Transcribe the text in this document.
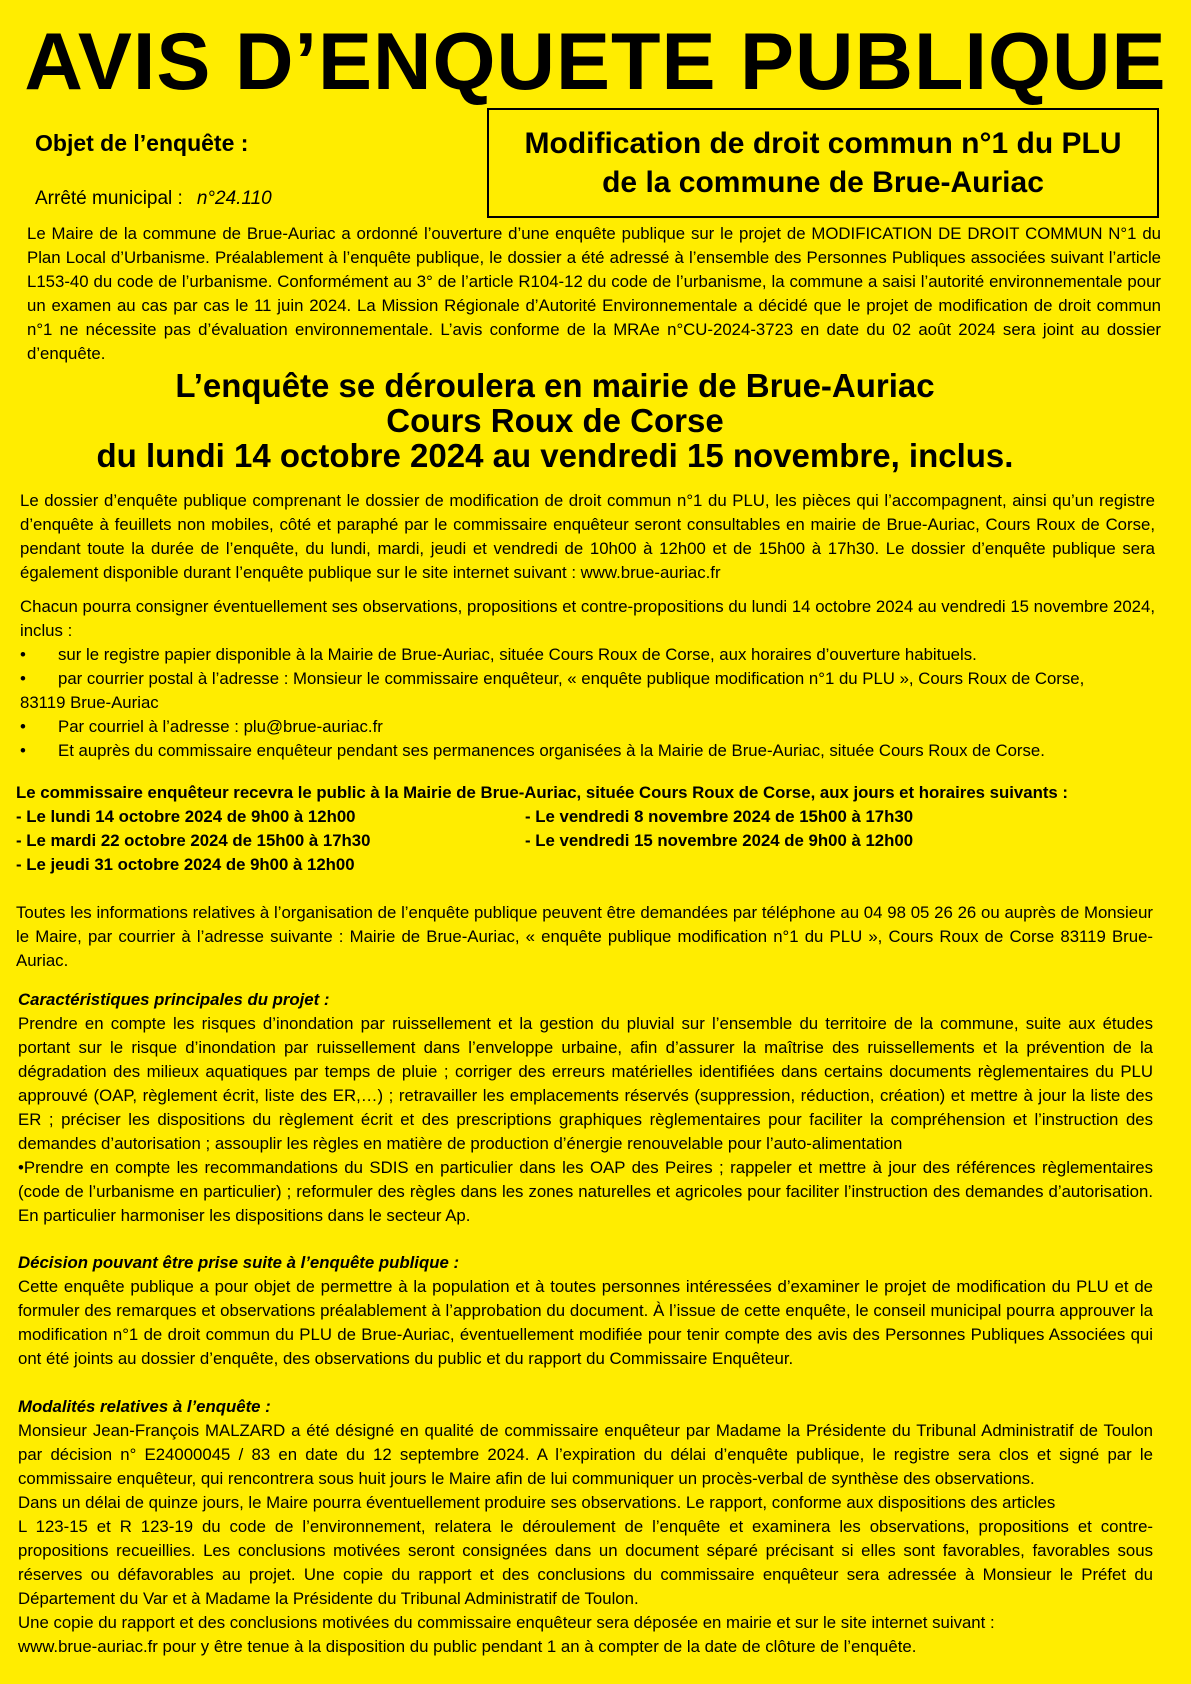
AVIS D’ENQUETE PUBLIQUE
Objet de l’enquête :
Arrêté municipal : n°24.110
Modification de droit commun n°1 du PLU
de la commune de Brue-Auriac

Le Maire de la commune de Brue-Auriac a ordonné l’ouverture d’une enquête publique sur le projet de MODIFICATION DE DROIT COMMUN N°1 du Plan Local d’Urbanisme. Préalablement à l’enquête publique, le dossier a été adressé à l’ensemble des Personnes Publiques associées suivant l’article L153-40 du code de l’urbanisme. Conformément au 3° de l’article R104-12 du code de l’urbanisme, la commune a saisi l’autorité environnementale pour un examen au cas par cas le 11 juin 2024. La Mission Régionale d’Autorité Environnementale a décidé que le projet de modification de droit commun n°1 ne nécessite pas d’évaluation environnementale. L’avis conforme de la MRAe n°CU-2024-3723 en date du 02 août 2024 sera joint au dossier d’enquête.

L’enquête se déroulera en mairie de Brue-Auriac
Cours Roux de Corse
du lundi 14 octobre 2024 au vendredi 15 novembre, inclus.

Le dossier d’enquête publique comprenant le dossier de modification de droit commun n°1 du PLU, les pièces qui l’accompagnent, ainsi qu’un registre d’enquête à feuillets non mobiles, côté et paraphé par le commissaire enquêteur seront consultables en mairie de Brue-Auriac, Cours Roux de Corse, pendant toute la durée de l’enquête, du lundi, mardi, jeudi et vendredi de 10h00 à 12h00 et de 15h00 à 17h30. Le dossier d’enquête publique sera également disponible durant l’enquête publique sur le site internet suivant : www.brue-auriac.fr

Chacun pourra consigner éventuellement ses observations, propositions et contre-propositions du lundi 14 octobre 2024 au vendredi 15 novembre 2024, inclus :
• sur le registre papier disponible à la Mairie de Brue-Auriac, située Cours Roux de Corse, aux horaires d’ouverture habituels.
• par courrier postal à l’adresse : Monsieur le commissaire enquêteur, « enquête publique modification n°1 du PLU », Cours Roux de Corse,
83119 Brue-Auriac
• Par courriel à l’adresse : plu@brue-auriac.fr
• Et auprès du commissaire enquêteur pendant ses permanences organisées à la Mairie de Brue-Auriac, située Cours Roux de Corse.
Le commissaire enquêteur recevra le public à la Mairie de Brue-Auriac, située Cours Roux de Corse, aux jours et horaires suivants :
- Le lundi 14 octobre 2024 de 9h00 à 12h00
- Le mardi 22 octobre 2024 de 15h00 à 17h30
- Le jeudi 31 octobre 2024 de 9h00 à 12h00
- Le vendredi 8 novembre 2024 de 15h00 à 17h30
- Le vendredi 15 novembre 2024 de 9h00 à 12h00

Toutes les informations relatives à l’organisation de l’enquête publique peuvent être demandées par téléphone au 04 98 05 26 26 ou auprès de Monsieur le Maire, par courrier à l’adresse suivante : Mairie de Brue-Auriac, « enquête publique modification n°1 du PLU », Cours Roux de Corse 83119 Brue-Auriac.

Caractéristiques principales du projet :
Prendre en compte les risques d’inondation par ruissellement et la gestion du pluvial sur l’ensemble du territoire de la commune, suite aux études portant sur le risque d’inondation par ruissellement dans l’enveloppe urbaine, afin d’assurer la maîtrise des ruissellements et la prévention de la dégradation des milieux aquatiques par temps de pluie ; corriger des erreurs matérielles identifiées dans certains documents règlementaires du PLU approuvé (OAP, règlement écrit, liste des ER,…) ; retravailler les emplacements réservés (suppression, réduction, création) et mettre à jour la liste des ER ; préciser les dispositions du règlement écrit et des prescriptions graphiques règlementaires pour faciliter la compréhension et l’instruction des demandes d’autorisation ; assouplir les règles en matière de production d’énergie renouvelable pour l’auto-alimentation
•Prendre en compte les recommandations du SDIS en particulier dans les OAP des Peires ; rappeler et mettre à jour des références règlementaires (code de l’urbanisme en particulier) ; reformuler des règles dans les zones naturelles et agricoles pour faciliter l’instruction des demandes d’autorisation. En particulier harmoniser les dispositions dans le secteur Ap.
Décision pouvant être prise suite à l’enquête publique :
Cette enquête publique a pour objet de permettre à la population et à toutes personnes intéressées d’examiner le projet de modification du PLU et de formuler des remarques et observations préalablement à l’approbation du document. À l’issue de cette enquête, le conseil municipal pourra approuver la modification n°1 de droit commun du PLU de Brue-Auriac, éventuellement modifiée pour tenir compte des avis des Personnes Publiques Associées qui ont été joints au dossier d’enquête, des observations du public et du rapport du Commissaire Enquêteur.
Modalités relatives à l’enquête :
Monsieur Jean-François MALZARD a été désigné en qualité de commissaire enquêteur par Madame la Présidente du Tribunal Administratif de Toulon par décision n° E24000045 / 83 en date du 12 septembre 2024. A l’expiration du délai d’enquête publique, le registre sera clos et signé par le commissaire enquêteur, qui rencontrera sous huit jours le Maire afin de lui communiquer un procès-verbal de synthèse des observations.
Dans un délai de quinze jours, le Maire pourra éventuellement produire ses observations. Le rapport, conforme aux dispositions des articles
L 123-15 et R 123-19 du code de l’environnement, relatera le déroulement de l’enquête et examinera les observations, propositions et contre-propositions recueillies. Les conclusions motivées seront consignées dans un document séparé précisant si elles sont favorables, favorables sous réserves ou défavorables au projet. Une copie du rapport et des conclusions du commissaire enquêteur sera adressée à Monsieur le Préfet du Département du Var et à Madame la Présidente du Tribunal Administratif de Toulon.
Une copie du rapport et des conclusions motivées du commissaire enquêteur sera déposée en mairie et sur le site internet suivant :
www.brue-auriac.fr pour y être tenue à la disposition du public pendant 1 an à compter de la date de clôture de l’enquête.
